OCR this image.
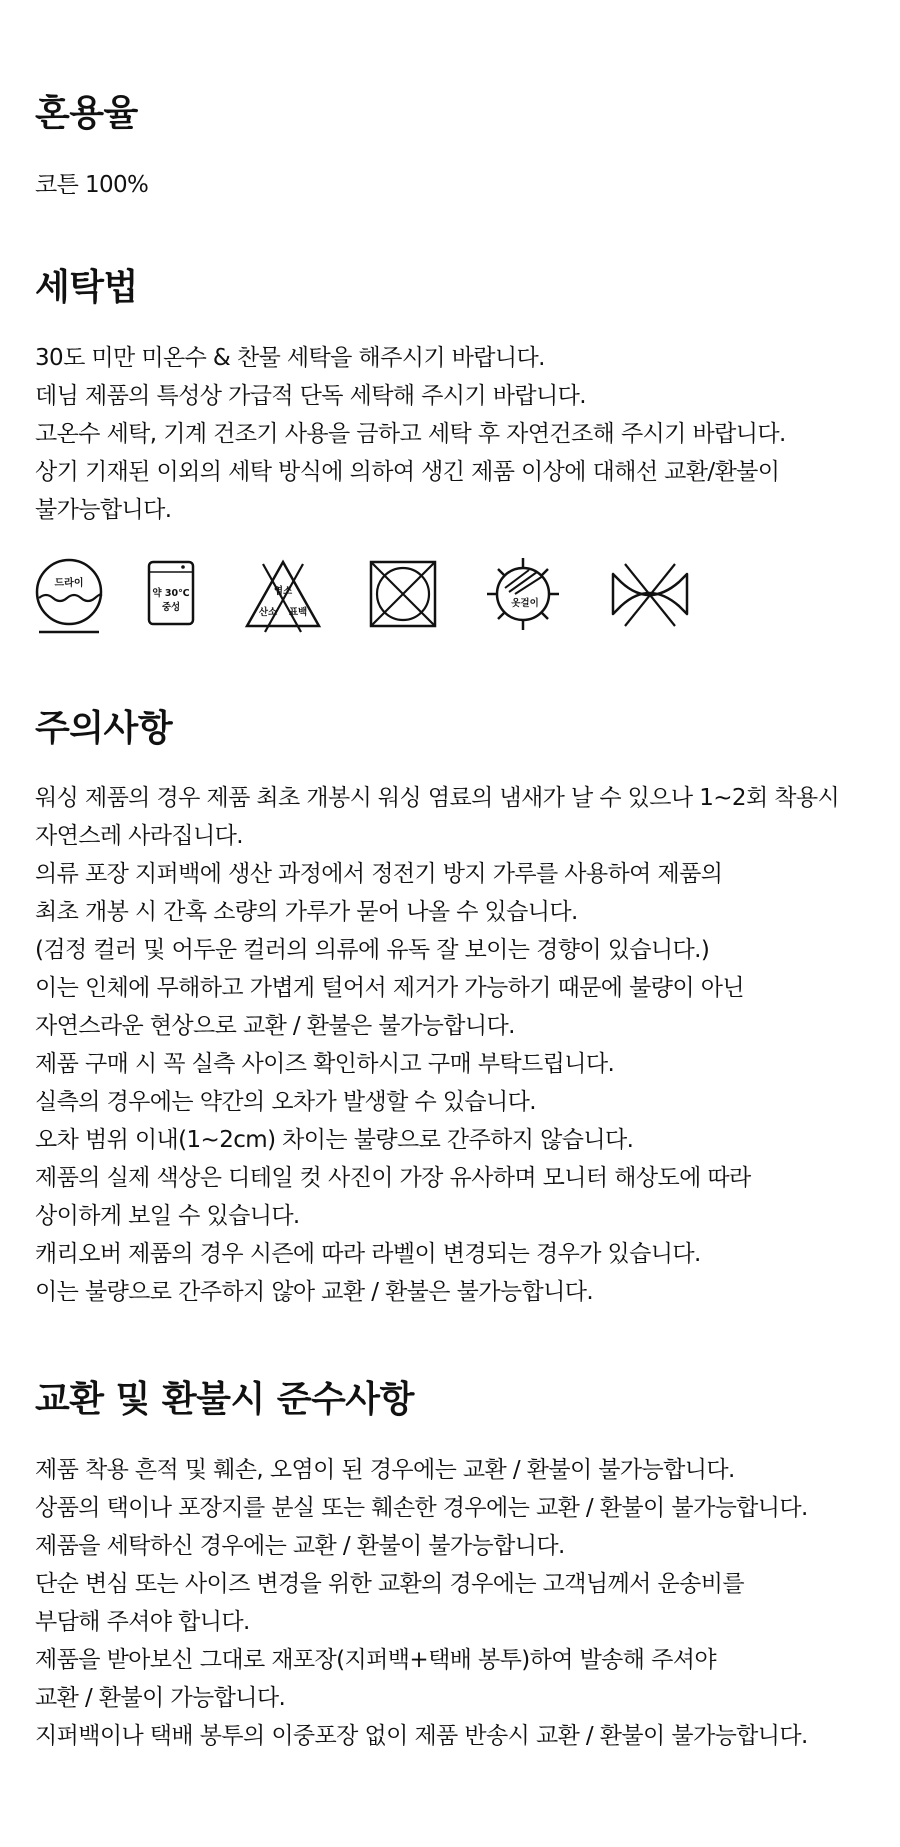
혼용율

코튼 100%

세탁법

30도 미만 미온수 & 찬물 세탁을 해주시기 바랍니다.
데님 제품의 특성상 가급적 단독 세탁해 주시기 바랍니다.
고온수 세탁, 기계 건조기 사용을 금하고 세탁 후 자연건조해 주시기 바랍니다.
상기 기재된 이외의 세탁 방식에 의하여 생긴 제품 이상에 대해선 교환/환불이
불가능합니다.

드라이
약 30℃
중성
염소
산소 표백
옷걸이
주의사항

워싱 제품의 경우 제품 최초 개봉시 워싱 염료의 냄새가 날 수 있으나 1~2회 착용시
자연스레 사라집니다.
의류 포장 지퍼백에 생산 과정에서 정전기 방지 가루를 사용하여 제품의
최초 개봉 시 간혹 소량의 가루가 묻어 나올 수 있습니다.
(검정 컬러 및 어두운 컬러의 의류에 유독 잘 보이는 경향이 있습니다.)
이는 인체에 무해하고 가볍게 털어서 제거가 가능하기 때문에 불량이 아닌
자연스라운 현상으로 교환 / 환불은 불가능합니다.
제품 구매 시 꼭 실측 사이즈 확인하시고 구매 부탁드립니다.
실측의 경우에는 약간의 오차가 발생할 수 있습니다.
오차 범위 이내(1~2cm) 차이는 불량으로 간주하지 않습니다.
제품의 실제 색상은 디테일 컷 사진이 가장 유사하며 모니터 해상도에 따라
상이하게 보일 수 있습니다.
캐리오버 제품의 경우 시즌에 따라 라벨이 변경되는 경우가 있습니다.
이는 불량으로 간주하지 않아 교환 / 환불은 불가능합니다.

교환 및 환불시 준수사항

제품 착용 흔적 및 훼손, 오염이 된 경우에는 교환 / 환불이 불가능합니다.
상품의 택이나 포장지를 분실 또는 훼손한 경우에는 교환 / 환불이 불가능합니다.
제품을 세탁하신 경우에는 교환 / 환불이 불가능합니다.
단순 변심 또는 사이즈 변경을 위한 교환의 경우에는 고객님께서 운송비를
부담해 주셔야 합니다.
제품을 받아보신 그대로 재포장(지퍼백+택배 봉투)하여 발송해 주셔야
교환 / 환불이 가능합니다.
지퍼백이나 택배 봉투의 이중포장 없이 제품 반송시 교환 / 환불이 불가능합니다.
